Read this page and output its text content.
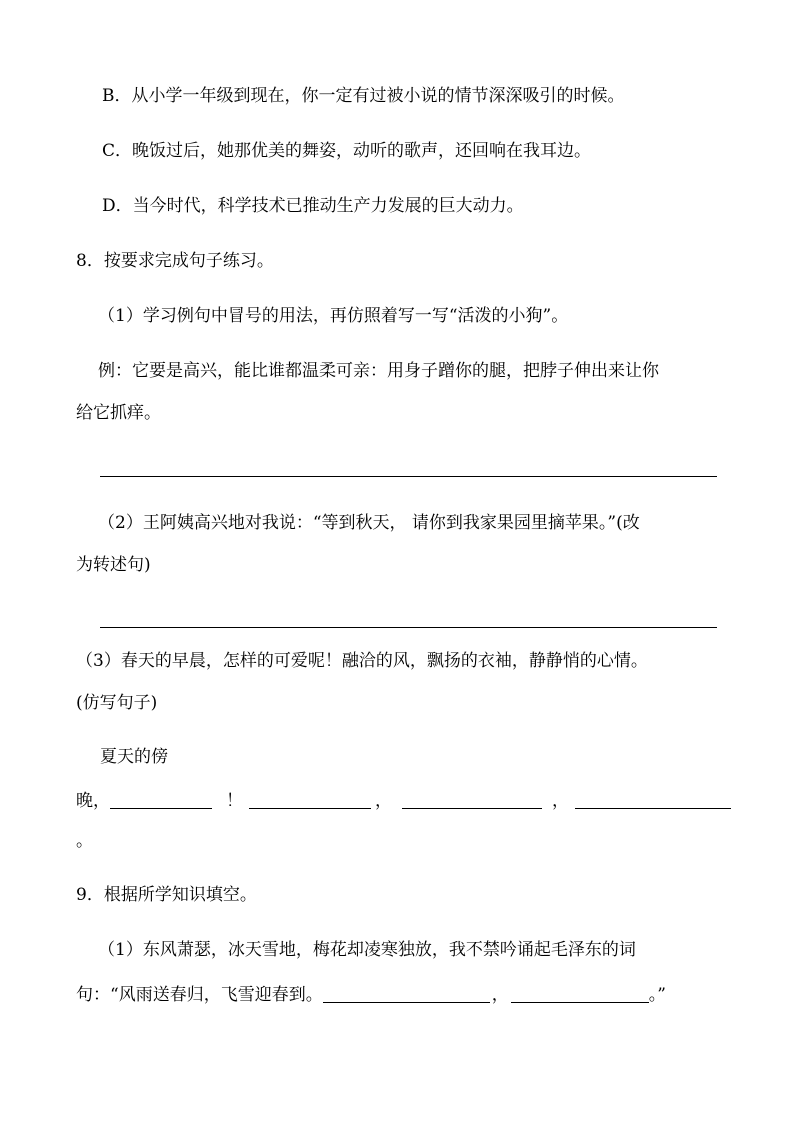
B．从小学一年级到现在，你一定有过被小说的情节深深吸引的时候。
C．晚饭过后，她那优美的舞姿，动听的歌声，还回响在我耳边。
D．当今时代，科学技术已推动生产力发展的巨大动力。
8．按要求完成句子练习。
（1）学习例句中冒号的用法，再仿照着写一写“活泼的小狗”。
例：它要是高兴，能比谁都温柔可亲：用身子蹭你的腿，把脖子伸出来让你
给它抓痒。
（2）王阿姨高兴地对我说：“等到秋天， 请你到我家果园里摘苹果。”(改
为转述句)
（3）春天的早晨，怎样的可爱呢！融洽的风，飘扬的衣袖，静静悄的心情。
(仿写句子)
夏天的傍
晚，	！	，	，
。
9．根据所学知识填空。
（1）东风萧瑟，冰天雪地，梅花却凌寒独放，我不禁吟诵起毛泽东的词
句：“风雨送春归，飞雪迎春到。	，	。”
